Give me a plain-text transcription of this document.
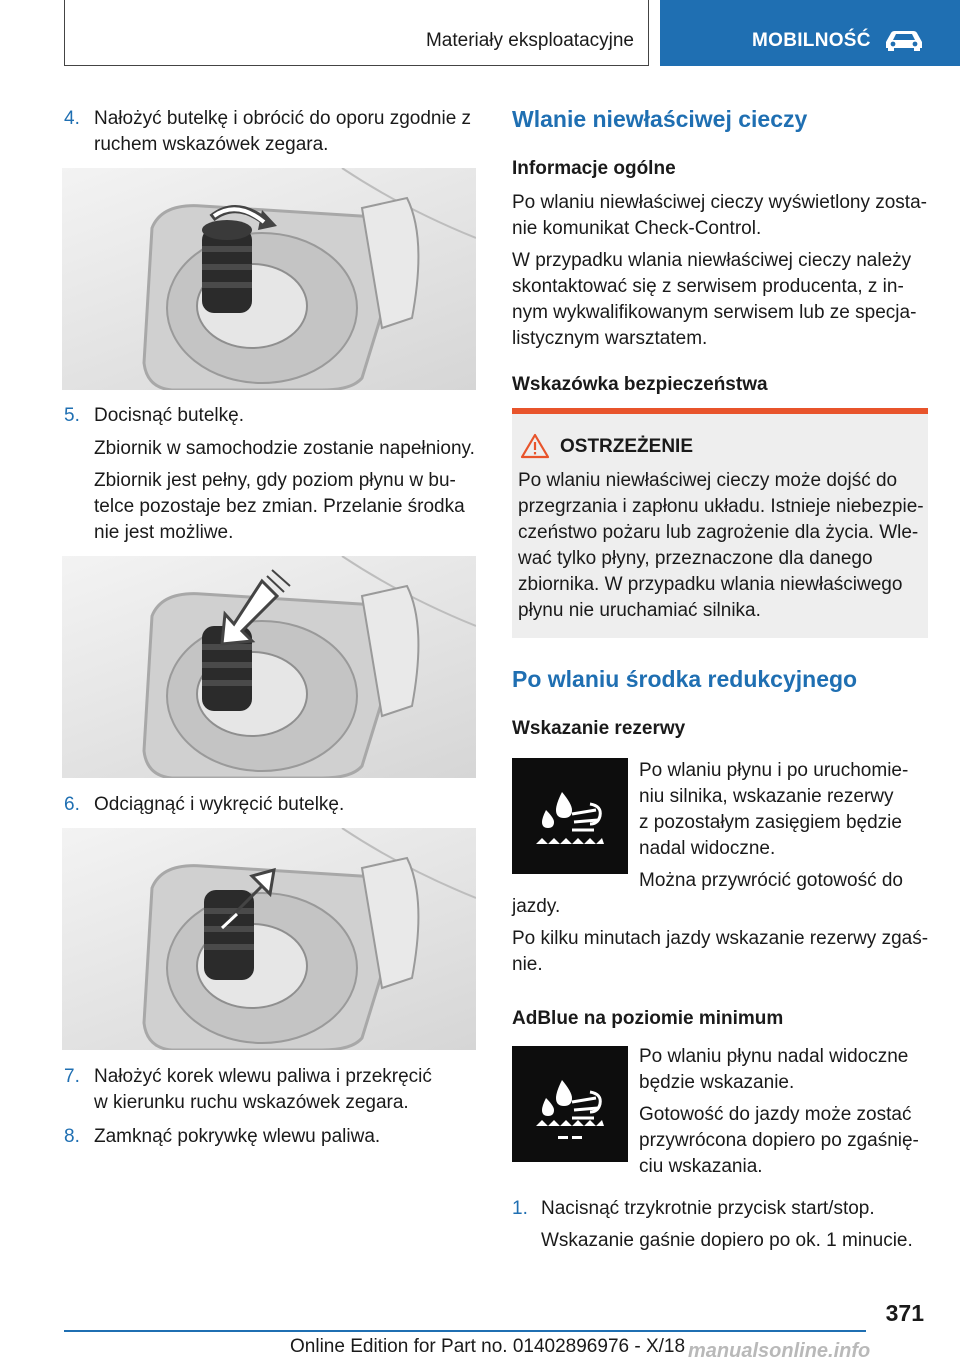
Materiały eksploatacyjne	MOBILNOŚĆ
4. Nałożyć butelkę i obrócić do oporu zgodnie z
ruchem wskazówek zegara.
5. Docisnąć butelkę.
Zbiornik w samochodzie zostanie napełniony.
Zbiornik jest pełny, gdy poziom płynu w bu-
telce pozostaje bez zmian. Przelanie środka
nie jest możliwe.
6. Odciągnąć i wykręcić butelkę.
7. Nałożyć korek wlewu paliwa i przekręcić
w kierunku ruchu wskazówek zegara.
8. Zamknąć pokrywkę wlewu paliwa.
Wlanie niewłaściwej cieczy
Informacje ogólne
Po wlaniu niewłaściwej cieczy wyświetlony zosta-
nie komunikat Check-Control.
W przypadku wlania niewłaściwej cieczy należy
skontaktować się z serwisem producenta, z in-
nym wykwalifikowanym serwisem lub ze specja-
listycznym warsztatem.
Wskazówka bezpieczeństwa
OSTRZEŻENIE
Po wlaniu niewłaściwej cieczy może dojść do
przegrzania i zapłonu układu. Istnieje niebezpie-
czeństwo pożaru lub zagrożenie dla życia. Wle-
wać tylko płyny, przeznaczone dla danego
zbiornika. W przypadku wlania niewłaściwego
płynu nie uruchamiać silnika.
Po wlaniu środka redukcyjnego
Wskazanie rezerwy
Po wlaniu płynu i po uruchomie-
niu silnika, wskazanie rezerwy
z pozostałym zasięgiem będzie
nadal widoczne.
Można przywrócić gotowość do
jazdy.
Po kilku minutach jazdy wskazanie rezerwy zgaś-
nie.
AdBlue na poziomie minimum
Po wlaniu płynu nadal widoczne
będzie wskazanie.
Gotowość do jazdy może zostać
przywrócona dopiero po zgaśnię-
ciu wskazania.
1. Nacisnąć trzykrotnie przycisk start/stop.
Wskazanie gaśnie dopiero po ok. 1 minucie.
371
Online Edition for Part no. 01402896976 - X/18 manualsonline.info
